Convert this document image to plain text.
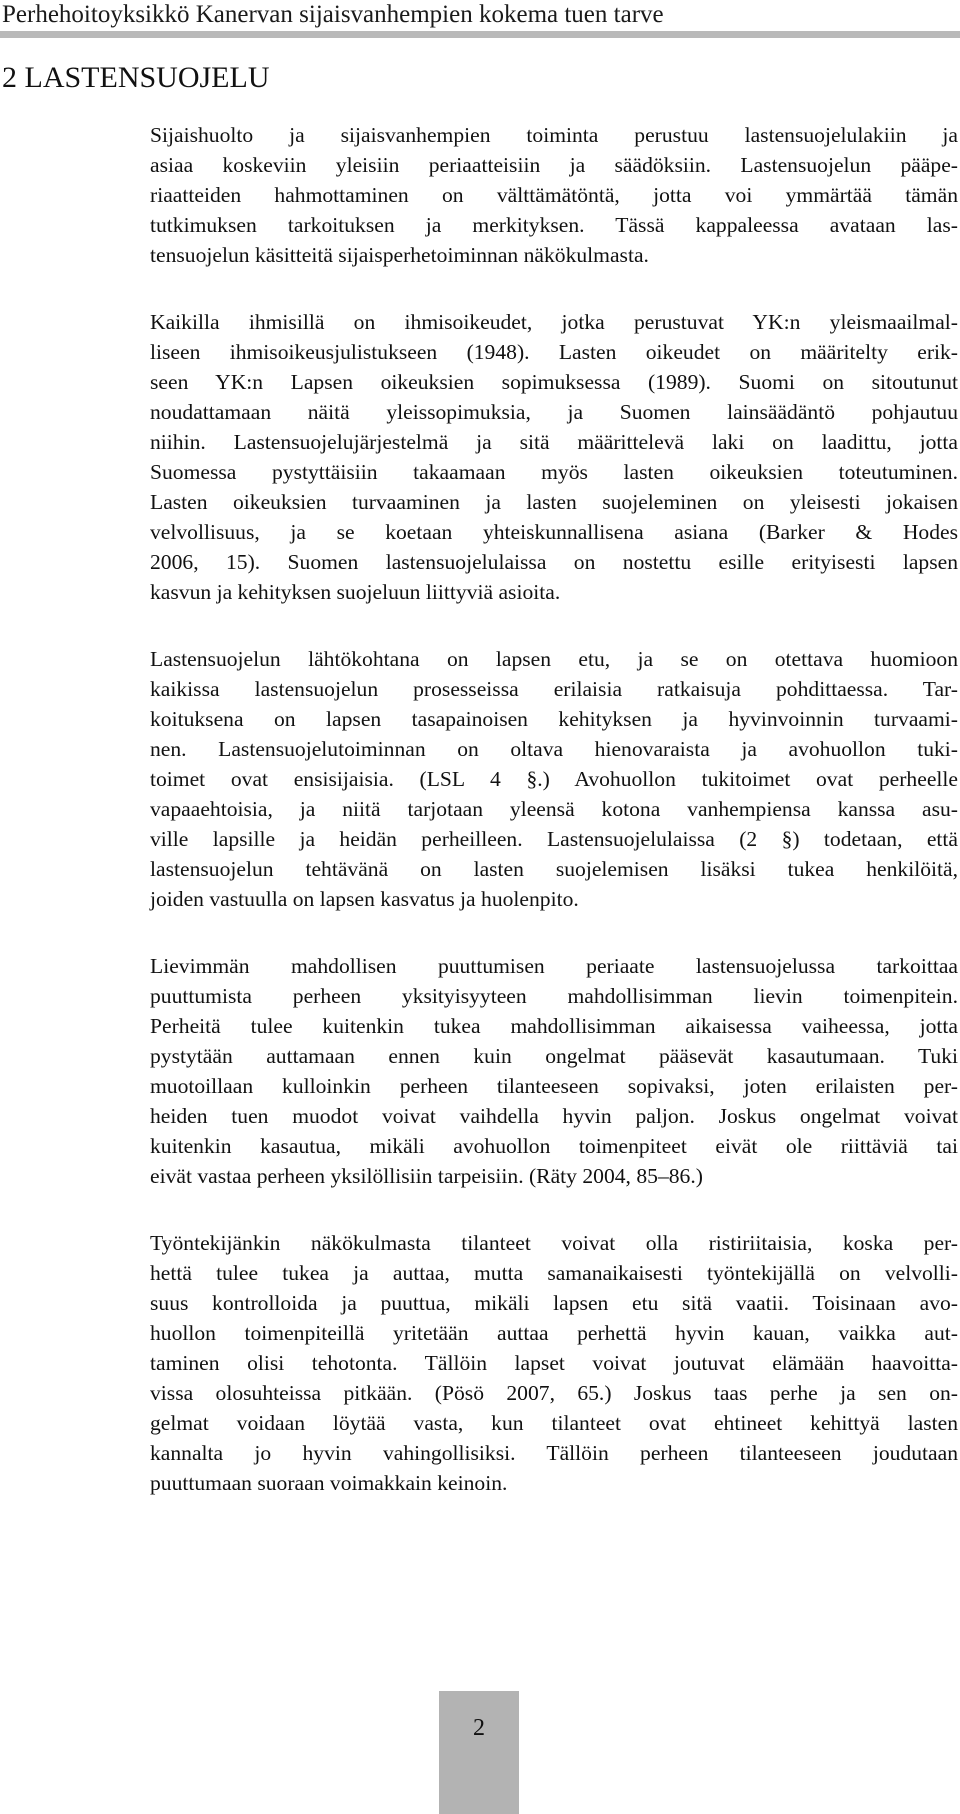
Perhehoitoyksikkö Kanervan sijaisvanhempien kokema tuen tarve
2 LASTENSUOJELU
Sijaishuolto ja sijaisvanhempien toiminta perustuu lastensuojelulakiin ja
asiaa koskeviin yleisiin periaatteisiin ja säädöksiin. Lastensuojelun pääpe-
riaatteiden hahmottaminen on välttämätöntä, jotta voi ymmärtää tämän
tutkimuksen tarkoituksen ja merkityksen. Tässä kappaleessa avataan las-
tensuojelun käsitteitä sijaisperhetoiminnan näkökulmasta.
Kaikilla ihmisillä on ihmisoikeudet, jotka perustuvat YK:n yleismaailmal-
liseen ihmisoikeusjulistukseen (1948). Lasten oikeudet on määritelty erik-
seen YK:n Lapsen oikeuksien sopimuksessa (1989). Suomi on sitoutunut
noudattamaan näitä yleissopimuksia, ja Suomen lainsäädäntö pohjautuu
niihin. Lastensuojelujärjestelmä ja sitä määrittelevä laki on laadittu, jotta
Suomessa pystyttäisiin takaamaan myös lasten oikeuksien toteutuminen.
Lasten oikeuksien turvaaminen ja lasten suojeleminen on yleisesti jokaisen
velvollisuus, ja se koetaan yhteiskunnallisena asiana (Barker & Hodes
2006, 15). Suomen lastensuojelulaissa on nostettu esille erityisesti lapsen
kasvun ja kehityksen suojeluun liittyviä asioita.
Lastensuojelun lähtökohtana on lapsen etu, ja se on otettava huomioon
kaikissa lastensuojelun prosesseissa erilaisia ratkaisuja pohdittaessa. Tar-
koituksena on lapsen tasapainoisen kehityksen ja hyvinvoinnin turvaami-
nen. Lastensuojelutoiminnan on oltava hienovaraista ja avohuollon tuki-
toimet ovat ensisijaisia. (LSL 4 §.) Avohuollon tukitoimet ovat perheelle
vapaaehtoisia, ja niitä tarjotaan yleensä kotona vanhempiensa kanssa asu-
ville lapsille ja heidän perheilleen. Lastensuojelulaissa (2 §) todetaan, että
lastensuojelun tehtävänä on lasten suojelemisen lisäksi tukea henkilöitä,
joiden vastuulla on lapsen kasvatus ja huolenpito.
Lievimmän mahdollisen puuttumisen periaate lastensuojelussa tarkoittaa
puuttumista perheen yksityisyyteen mahdollisimman lievin toimenpitein.
Perheitä tulee kuitenkin tukea mahdollisimman aikaisessa vaiheessa, jotta
pystytään auttamaan ennen kuin ongelmat pääsevät kasautumaan. Tuki
muotoillaan kulloinkin perheen tilanteeseen sopivaksi, joten erilaisten per-
heiden tuen muodot voivat vaihdella hyvin paljon. Joskus ongelmat voivat
kuitenkin kasautua, mikäli avohuollon toimenpiteet eivät ole riittäviä tai
eivät vastaa perheen yksilöllisiin tarpeisiin. (Räty 2004, 85–86.)
Työntekijänkin näkökulmasta tilanteet voivat olla ristiriitaisia, koska per-
hettä tulee tukea ja auttaa, mutta samanaikaisesti työntekijällä on velvolli-
suus kontrolloida ja puuttua, mikäli lapsen etu sitä vaatii. Toisinaan avo-
huollon toimenpiteillä yritetään auttaa perhettä hyvin kauan, vaikka aut-
taminen olisi tehotonta. Tällöin lapset voivat joutuvat elämään haavoitta-
vissa olosuhteissa pitkään. (Pösö 2007, 65.) Joskus taas perhe ja sen on-
gelmat voidaan löytää vasta, kun tilanteet ovat ehtineet kehittyä lasten
kannalta jo hyvin vahingollisiksi. Tällöin perheen tilanteeseen joudutaan
puuttumaan suoraan voimakkain keinoin.
2
